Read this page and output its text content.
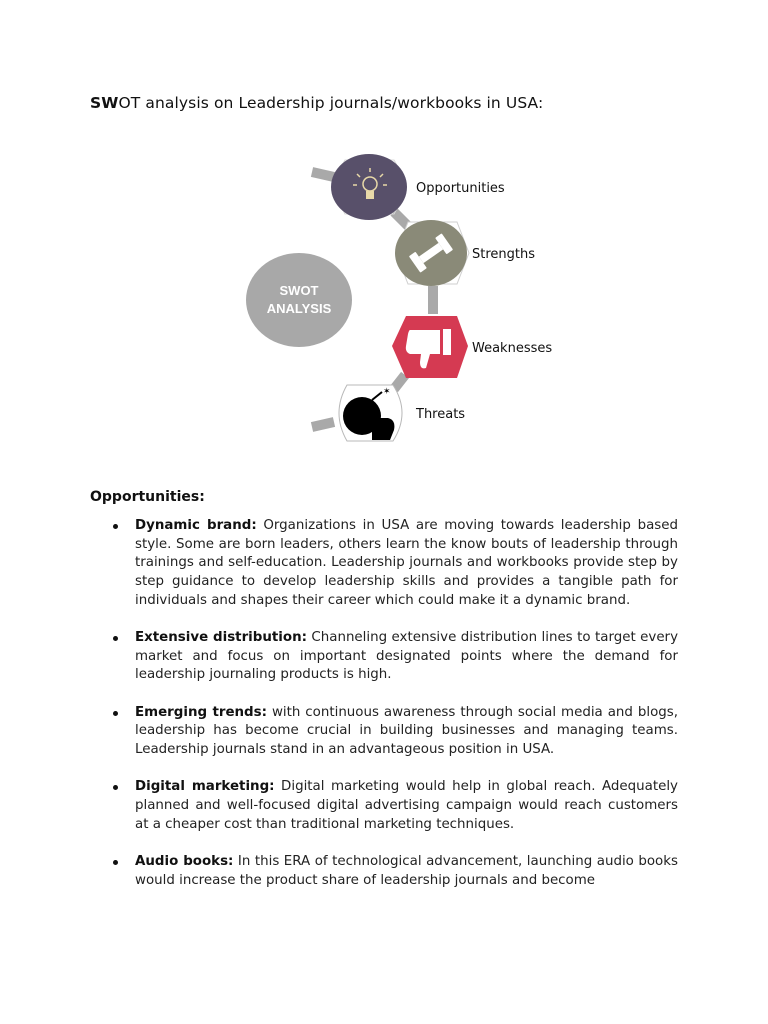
SWOT analysis on Leadership journals/workbooks in USA:
SWOT
ANALYSIS
Opportunities
Strengths
Weaknesses
✶
Threats
Opportunities:
Dynamic brand: Organizations in USA are moving towards leadership based style. Some are born leaders, others learn the know bouts of leadership through trainings and self-education. Leadership journals and workbooks provide step by step guidance to develop leadership skills and provides a tangible path for individuals and shapes their career which could make it a dynamic brand.
Extensive distribution: Channeling extensive distribution lines to target every market and focus on important designated points where the demand for leadership journaling products is high.
Emerging trends: with continuous awareness through social media and blogs, leadership has become crucial in building businesses and managing teams. Leadership journals stand in an advantageous position in USA.
Digital marketing: Digital marketing would help in global reach. Adequately planned and well-focused digital advertising campaign would reach customers at a cheaper cost than traditional marketing techniques.
Audio books: In this ERA of technological advancement, launching audio books would increase the product share of leadership journals and become
